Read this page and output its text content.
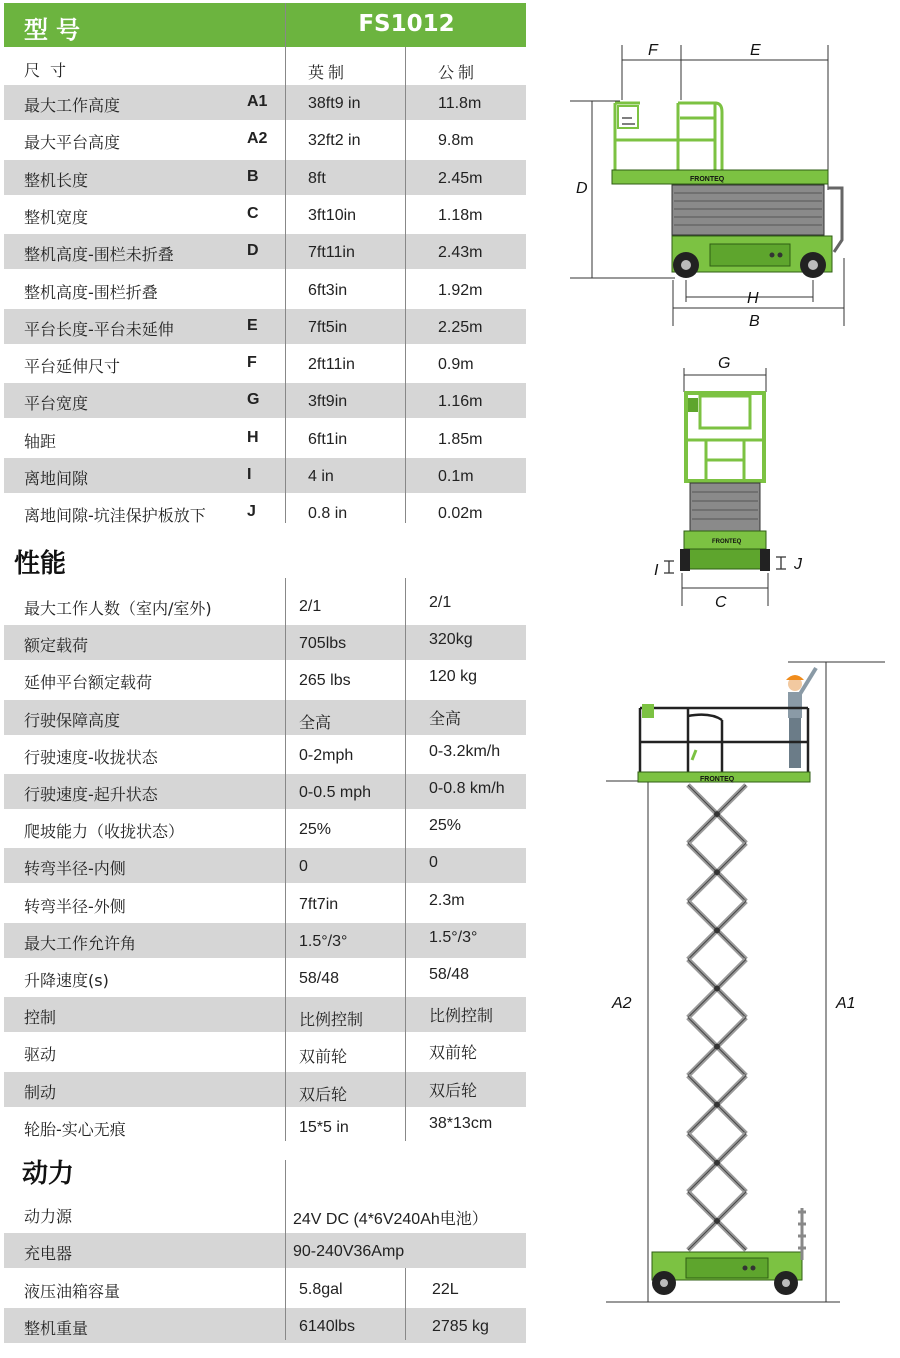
型号	FS1012
尺寸	英制	公制
最大工作高度	A1	38ft9 in	11.8m
最大平台高度	A2	32ft2 in	9.8m
整机长度	B	8ft	2.45m
整机宽度	C	3ft10in	1.18m
整机高度-围栏未折叠	D	7ft11in	2.43m
整机高度-围栏折叠	6ft3in	1.92m
平台长度-平台未延伸	E	7ft5in	2.25m
平台延伸尺寸	F	2ft11in	0.9m
平台宽度	G	3ft9in	1.16m
轴距	H	6ft1in	1.85m
离地间隙	I	4 in	0.1m
离地间隙-坑洼保护板放下	J	0.8 in	0.02m
性能
最大工作人数（室内/室外)	2/1	2/1
额定载荷	705lbs	320kg
延伸平台额定载荷	265 lbs	120 kg
行驶保障高度	全高	全高
行驶速度-收拢状态	0-2mph	0-3.2km/h
行驶速度-起升状态	0-0.5 mph	0-0.8 km/h
爬坡能力（收拢状态）	25%	25%
转弯半径-内侧	0	0
转弯半径-外侧	7ft7in	2.3m
最大工作允许角	1.5°/3°	1.5°/3°
升降速度(s)	58/48	58/48
控制	比例控制	比例控制
驱动	双前轮	双前轮
制动	双后轮	双后轮
轮胎-实心无痕	15*5 in	38*13cm
动力
动力源	24V DC (4*6V240Ah电池）
充电器	90-240V36Amp
液压油箱容量	5.8gal	22L
整机重量	6140lbs	2785 kg
F	E
D
FRONTEQ
H
B
G
FRONTEQ
I	J
C
A1
A2
FRONTEQ
